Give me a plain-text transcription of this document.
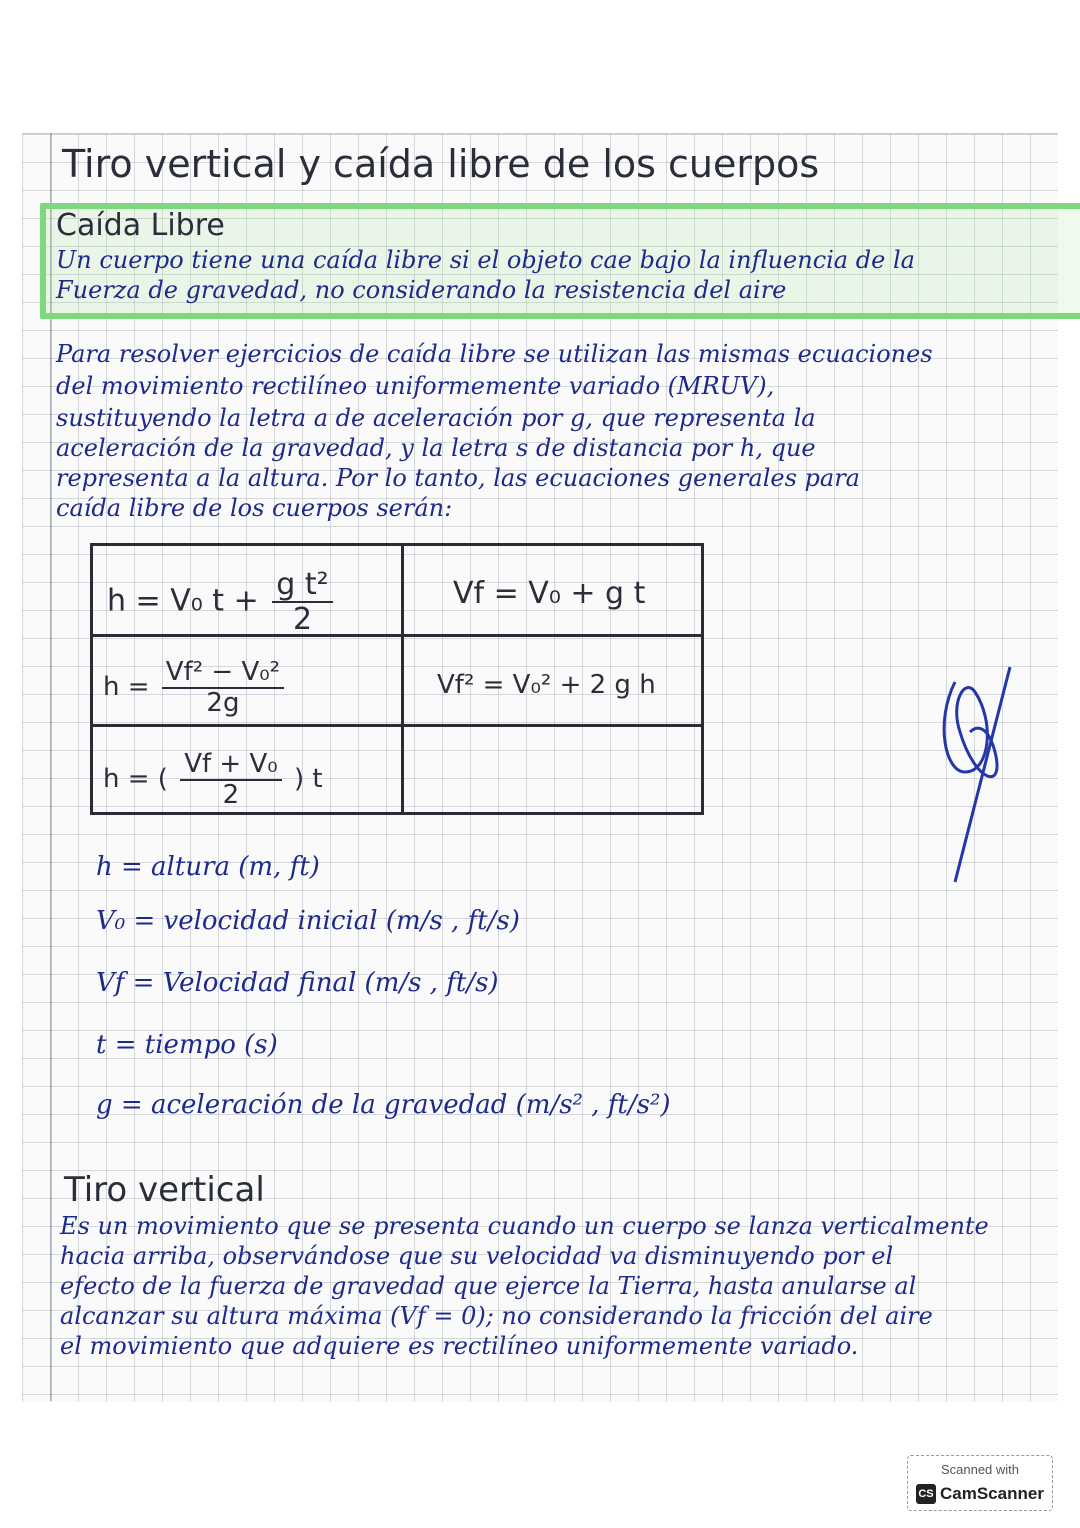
Tiro vertical y caída libre de los cuerpos
Caída Libre
Un cuerpo tiene una caída libre si el objeto cae bajo la influencia de la
Fuerza de gravedad, no considerando la resistencia del aire
Para resolver ejercicios de caída libre se utilizan las mismas ecuaciones
del movimiento rectilíneo uniformemente variado (MRUV),
sustituyendo la letra a de aceleración por g, que representa la
aceleración de la gravedad, y la letra s de distancia por h, que
representa a la altura. Por lo tanto, las ecuaciones generales para
caída libre de los cuerpos serán:
h = V₀ $t + \frac{\text{g t²}}{2}$	Vf = V₀ + g t
$h = \frac{\text{Vf² − V₀²}}{2g}$	Vf² = V₀² + 2 g h
h = ( $\frac{\text{Vf + V₀}}{2}$ ) t
h = altura (m, ft)
V₀ = velocidad inicial (m/s , ft/s)
Vf = Velocidad final (m/s , ft/s)
t = tiempo (s)
g = aceleración de la gravedad (m/s² , ft/s²)
Tiro vertical
Es un movimiento que se presenta cuando un cuerpo se lanza verticalmente
hacia arriba, observándose que su velocidad va disminuyendo por el
efecto de la fuerza de gravedad que ejerce la Tierra, hasta anularse al
alcanzar su altura máxima (Vf = 0); no considerando la fricción del aire
el movimiento que adquiere es rectilíneo uniformemente variado.
Scanned with
CS CamScanner
